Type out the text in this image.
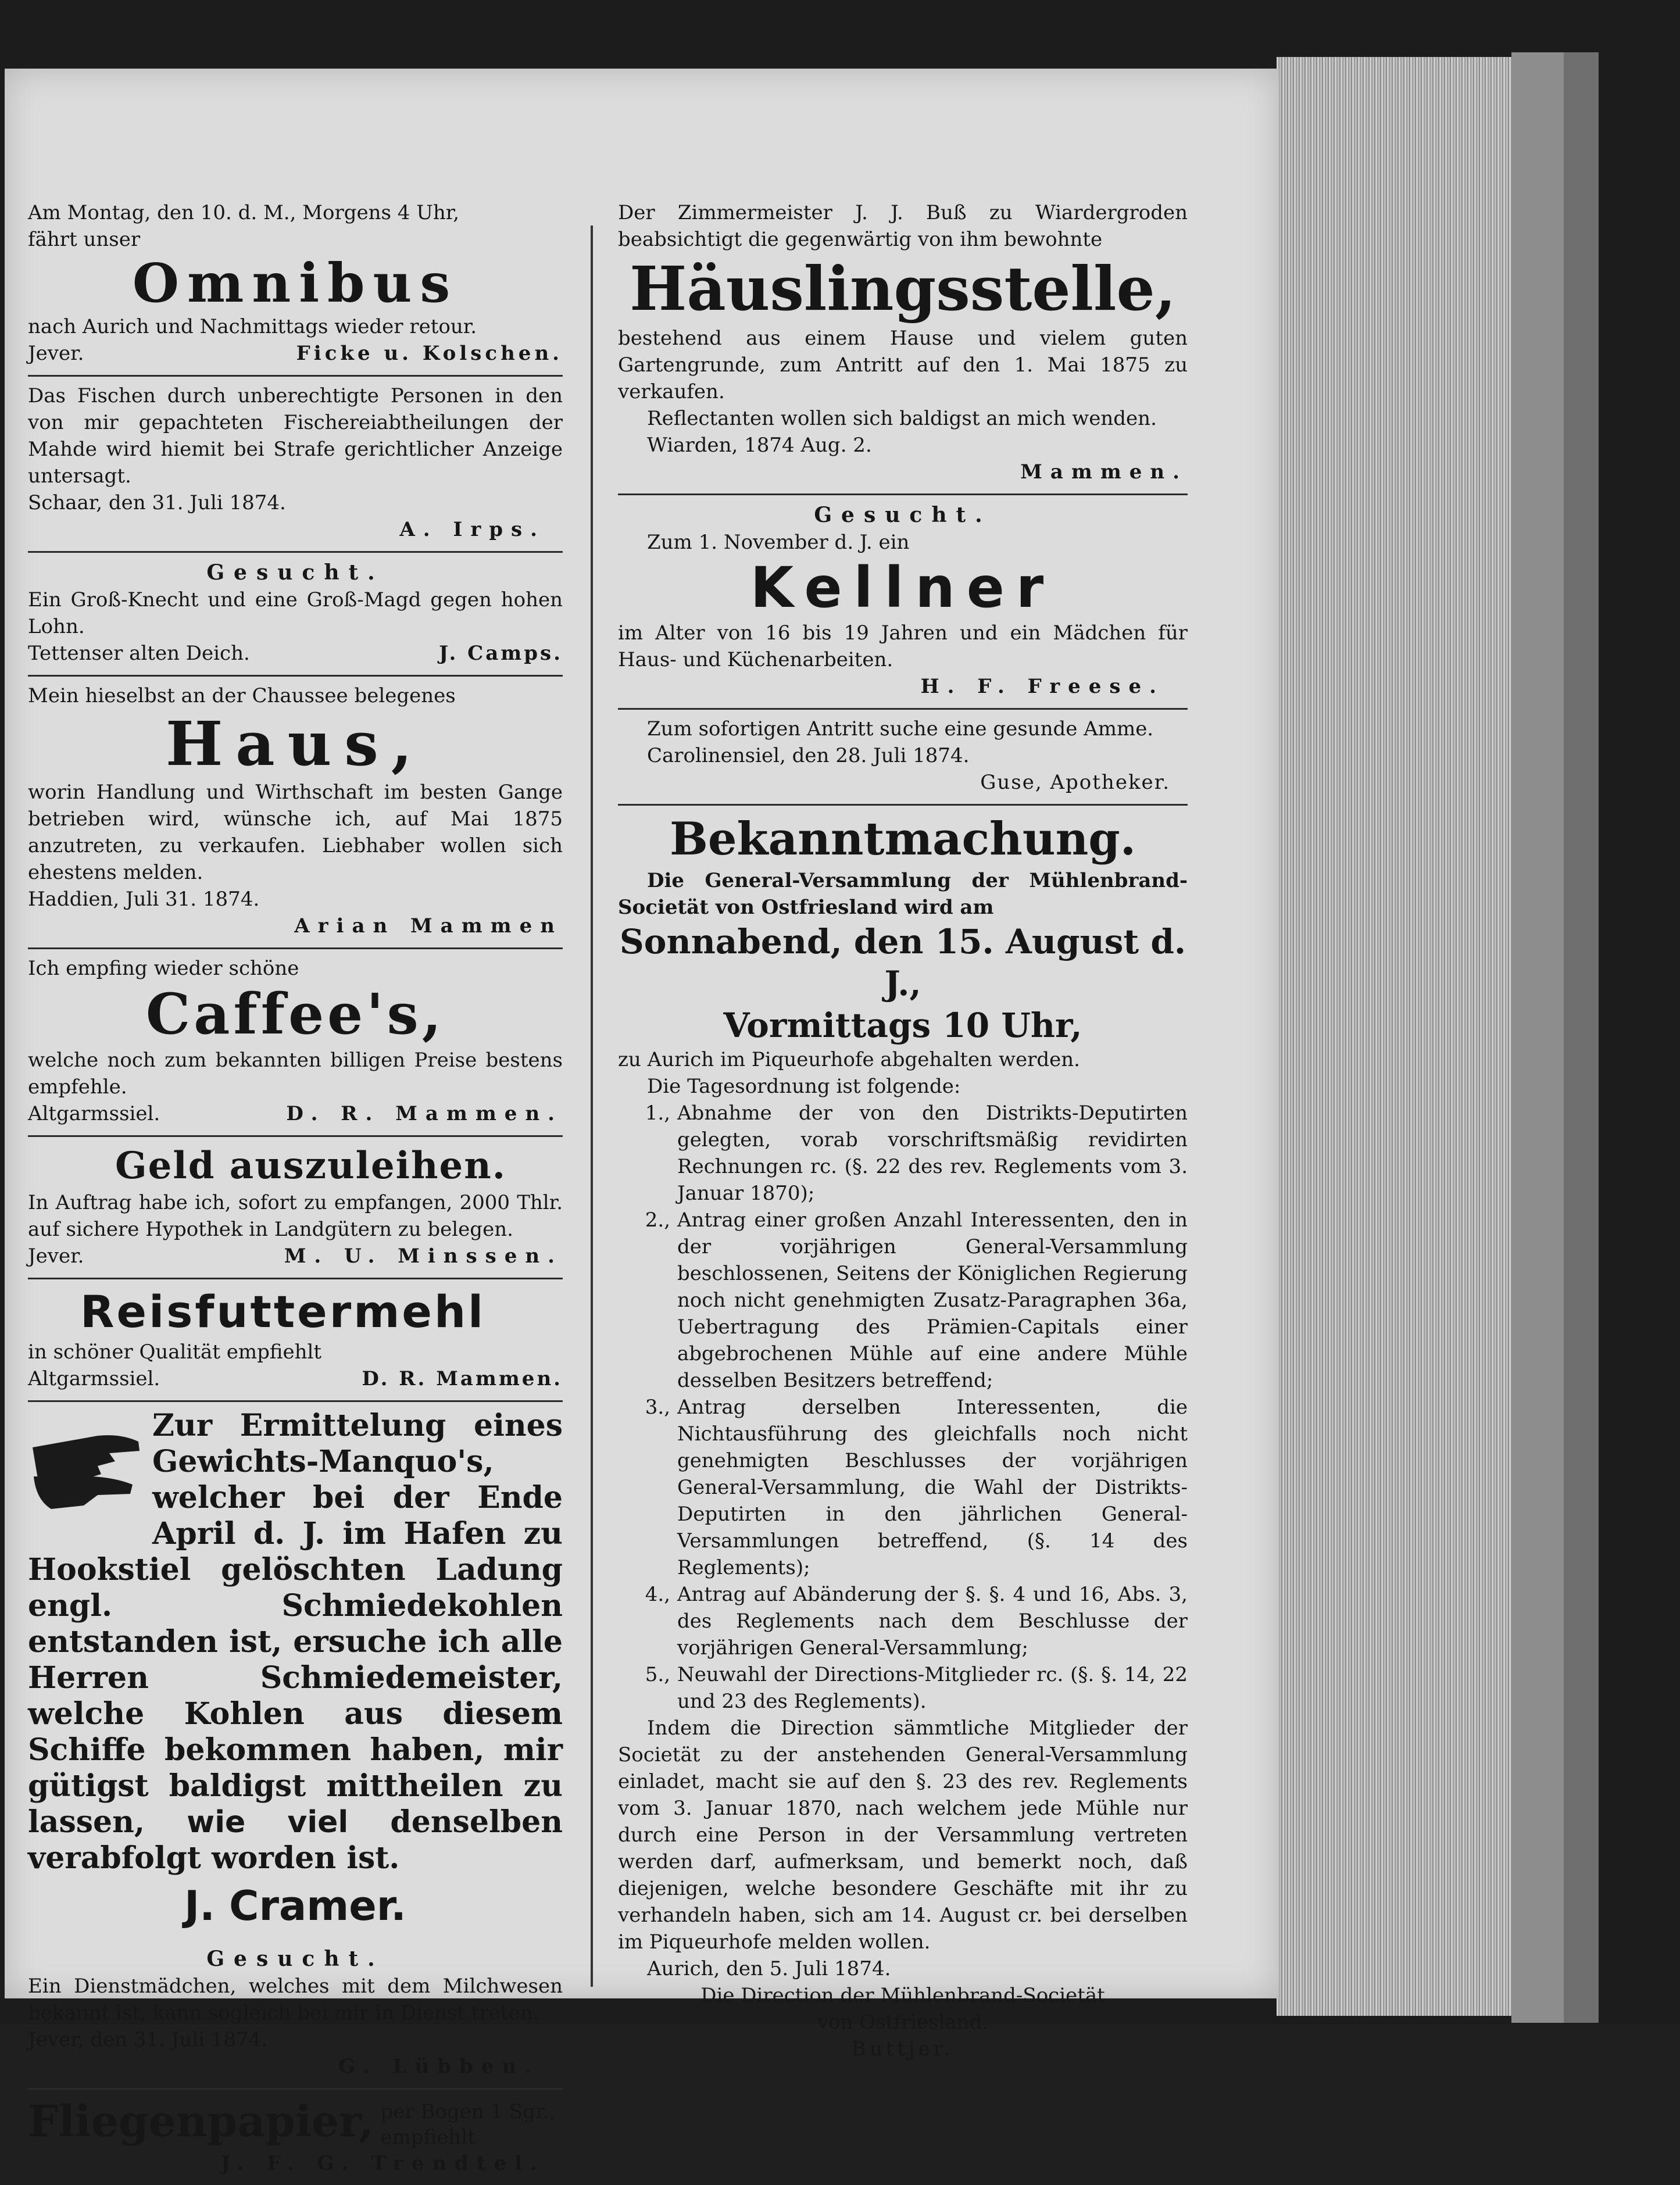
Am Montag, den 10. d. M., Morgens 4 Uhr,

fährt unser

Omnibus

nach Aurich und Nachmittags wieder retour.

Jever.	Ficke u. Kolschen.

Das Fischen durch unberechtigte Personen in den von mir gepachteten Fischereiabtheilungen der Mahde wird hiemit bei Strafe gerichtlicher Anzeige untersagt.

Schaar, den 31. Juli 1874.

A. Irps.

Gesucht.

Ein Groß-Knecht und eine Groß-Magd gegen hohen Lohn.

Tettenser alten Deich.	J. Camps.

Mein hieselbst an der Chaussee belegenes

Haus,

worin Handlung und Wirthschaft im besten Gange betrieben wird, wünsche ich, auf Mai 1875 anzutreten, zu verkaufen. Liebhaber wollen sich ehestens melden.

Haddien, Juli 31. 1874.

Arian Mammen

Ich empfing wieder schöne

Caffee's,

welche noch zum bekannten billigen Preise bestens empfehle.

Altgarmssiel.	D. R. Mammen.

Geld auszuleihen.

In Auftrag habe ich, sofort zu empfangen, 2000 Thlr. auf sichere Hypothek in Landgütern zu belegen.

Jever.	M. U. Minssen.

Reisfuttermehl

in schöner Qualität empfiehlt

Altgarmssiel.	D. R. Mammen.

Zur Ermittelung eines Gewichts-Manquo's, welcher bei der Ende April d. J. im Hafen zu Hookstiel gelöschten Ladung engl. Schmiedekohlen entstanden ist, ersuche ich alle Herren Schmiedemeister, welche Kohlen aus diesem Schiffe bekommen haben, mir gütigst baldigst mittheilen zu lassen, wie viel denselben verabfolgt worden ist.
J. Cramer.
Gesucht.

Ein Dienstmädchen, welches mit dem Milchwesen bekannt ist, kann sogleich bei mir in Dienst treten.

Jever, den 31. Juli 1874.

G. Lübben.

Fliegenpapier, per Bogen 1 Sgr., empfiehlt

J. F. G. Trendtel.

Der Zimmermeister J. J. Buß zu Wiardergroden beabsichtigt die gegenwärtig von ihm bewohnte

Häuslingsstelle,

bestehend aus einem Hause und vielem guten Gartengrunde, zum Antritt auf den 1. Mai 1875 zu verkaufen.

Reflectanten wollen sich baldigst an mich wenden.

Wiarden, 1874 Aug. 2.

Mammen.

Gesucht.

Zum 1. November d. J. ein

Kellner

im Alter von 16 bis 19 Jahren und ein Mädchen für Haus- und Küchenarbeiten.

H. F. Freese.

Zum sofortigen Antritt suche eine gesunde Amme.

Carolinensiel, den 28. Juli 1874.

Guse, Apotheker.

Bekanntmachung.

Die General-Versammlung der Mühlenbrand-Societät von Ostfriesland wird am

Sonnabend, den 15. August d. J.,
Vormittags 10 Uhr,

zu Aurich im Piqueurhofe abgehalten werden.

Die Tagesordnung ist folgende:

1., Abnahme der von den Distrikts-Deputirten gelegten, vorab vorschriftsmäßig revidirten Rechnungen rc. (§. 22 des rev. Reglements vom 3. Januar 1870);

2., Antrag einer großen Anzahl Interessenten, den in der vorjährigen General-Versammlung beschlossenen, Seitens der Königlichen Regierung noch nicht genehmigten Zusatz-Paragraphen 36a, Uebertragung des Prämien-Capitals einer abgebrochenen Mühle auf eine andere Mühle desselben Besitzers betreffend;

3., Antrag derselben Interessenten, die Nichtausführung des gleichfalls noch nicht genehmigten Beschlusses der vorjährigen General-Versammlung, die Wahl der Distrikts-Deputirten in den jährlichen General-Versammlungen betreffend, (§. 14 des Reglements);

4., Antrag auf Abänderung der §. §. 4 und 16, Abs. 3, des Reglements nach dem Beschlusse der vorjährigen General-Versammlung;

5., Neuwahl der Directions-Mitglieder rc. (§. §. 14, 22 und 23 des Reglements).

Indem die Direction sämmtliche Mitglieder der Societät zu der anstehenden General-Versammlung einladet, macht sie auf den §. 23 des rev. Reglements vom 3. Januar 1870, nach welchem jede Mühle nur durch eine Person in der Versammlung vertreten werden darf, aufmerksam, und bemerkt noch, daß diejenigen, welche besondere Geschäfte mit ihr zu verhandeln haben, sich am 14. August cr. bei derselben im Piqueurhofe melden wollen.

Aurich, den 5. Juli 1874.

Die Direction der Mühlenbrand-Societät

von Ostfriesland.

Buttjer.
